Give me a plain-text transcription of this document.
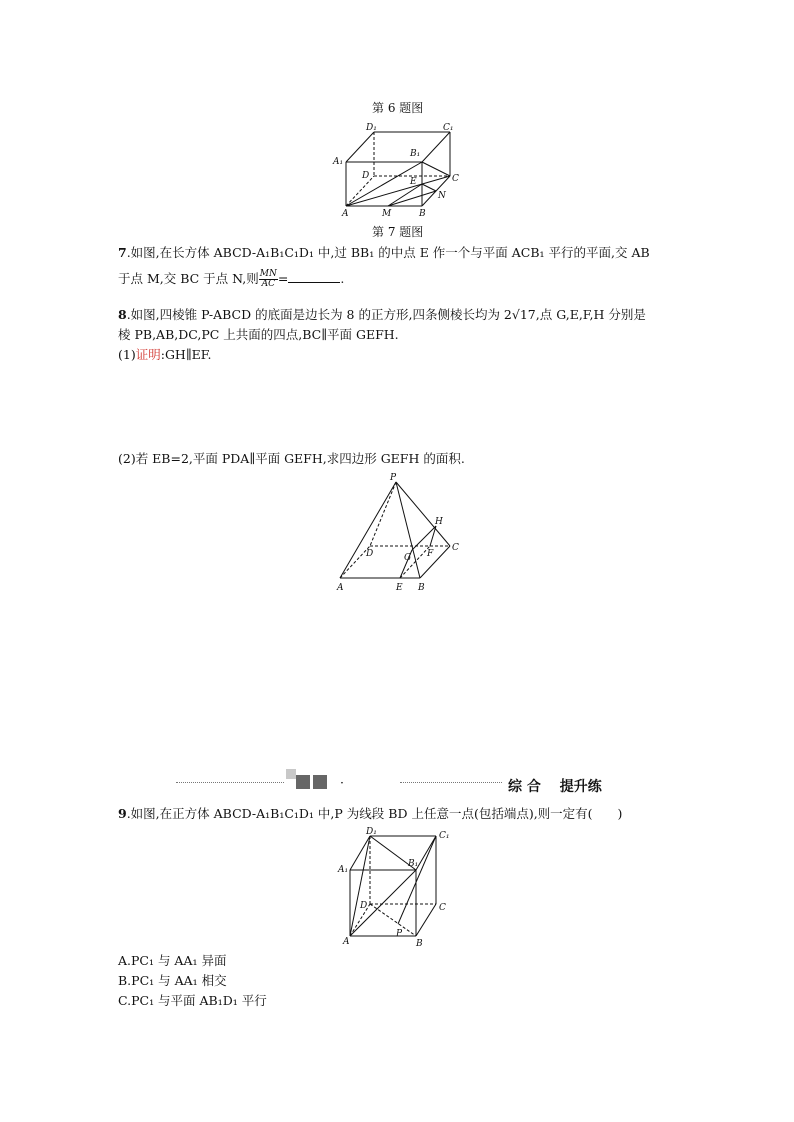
第 6 题图
D₁	C₁
A₁
B₁
D
E	C
N
A	M	B
第 7 题图
7.如图,在长方体 ABCD-A₁B₁C₁D₁ 中,过 BB₁ 的中点 E 作一个与平面 ACB₁ 平行的平面,交 AB
于点 M,交 BC 于点 N,则 $\frac{MN}{AC}$ =	.
8.如图,四棱锥 P-ABCD 的底面是边长为 8 的正方形,四条侧棱长均为 2√17,点 G,E,F,H 分别是
棱 PB,AB,DC,PC 上共面的四点,BC∥平面 GEFH.
(1)证明:GH∥EF.
(2)若 EB=2,平面 PDA∥平面 GEFH,求四边形 GEFH 的面积.
P
H
D	G F
C
A	E B
·	综 合　 提升练
9.如图,在正方体 ABCD-A₁B₁C₁D₁ 中,P 为线段 BD 上任意一点(包括端点),则一定有(　　)
D₁	C₁
A₁
B₁
D	C
A
P
B
A.PC₁ 与 AA₁ 异面
B.PC₁ 与 AA₁ 相交
C.PC₁ 与平面 AB₁D₁ 平行
